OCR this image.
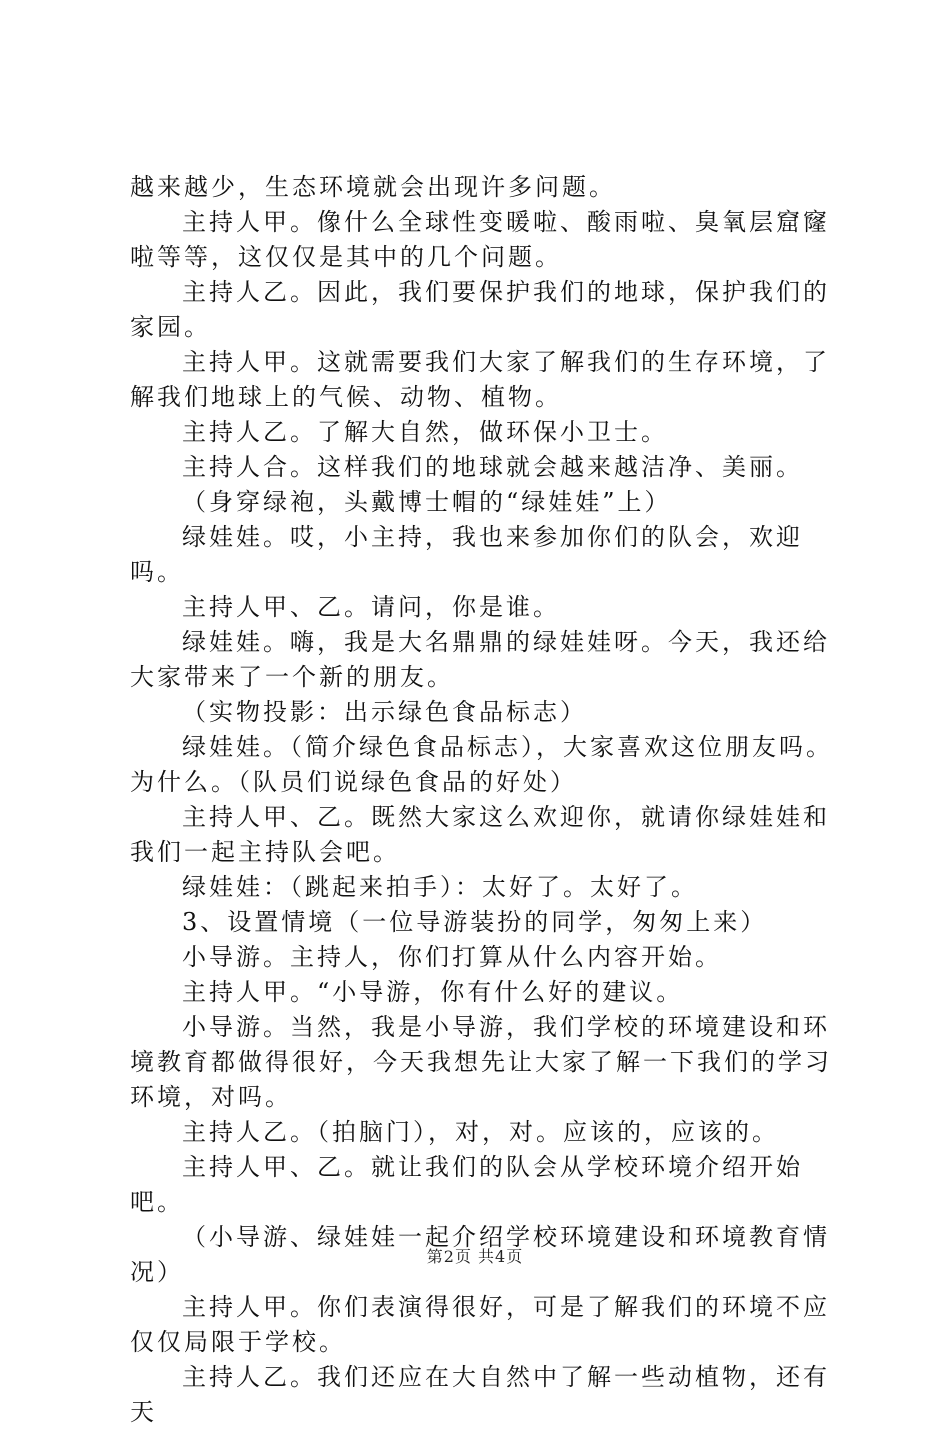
越来越少，生态环境就会出现许多问题。

主持人甲。像什么全球性变暖啦、酸雨啦、臭氧层窟窿啦等等，这仅仅是其中的几个问题。

主持人乙。因此，我们要保护我们的地球，保护我们的家园。

主持人甲。这就需要我们大家了解我们的生存环境，了解我们地球上的气候、动物、植物。

主持人乙。了解大自然，做环保小卫士。

主持人合。这样我们的地球就会越来越洁净、美丽。

（身穿绿袍，头戴博士帽的“绿娃娃”上）

绿娃娃。哎，小主持，我也来参加你们的队会，欢迎吗。

主持人甲、乙。请问，你是谁。

绿娃娃。嗨，我是大名鼎鼎的绿娃娃呀。今天，我还给大家带来了一个新的朋友。

（实物投影：出示绿色食品标志）

绿娃娃。（简介绿色食品标志），大家喜欢这位朋友吗。为什么。（队员们说绿色食品的好处）

主持人甲、乙。既然大家这么欢迎你，就请你绿娃娃和我们一起主持队会吧。

绿娃娃：（跳起来拍手）：太好了。太好了。

3、设置情境（一位导游装扮的同学，匆匆上来）

小导游。主持人，你们打算从什么内容开始。

主持人甲。“小导游，你有什么好的建议。

小导游。当然，我是小导游，我们学校的环境建设和环境教育都做得很好，今天我想先让大家了解一下我们的学习环境，对吗。

主持人乙。（拍脑门），对，对。应该的，应该的。

主持人甲、乙。就让我们的队会从学校环境介绍开始吧。

（小导游、绿娃娃一起介绍学校环境建设和环境教育情况）

主持人甲。你们表演得很好，可是了解我们的环境不应仅仅局限于学校。

主持人乙。我们还应在大自然中了解一些动植物，还有天

第2页 共4页
